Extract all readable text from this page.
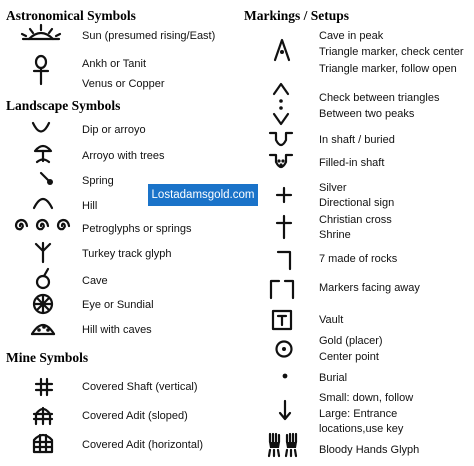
Astronomical Symbols
Landscape Symbols
Mine Symbols
Markings / Setups
Sun (presumed rising/East)
Ankh or Tanit
Venus or Copper
Dip or arroyo
Arroyo with trees
Spring
Hill
Petroglyphs or springs
Turkey track glyph
Cave
Eye or Sundial
Hill with caves
Covered Shaft (vertical)
Covered Adit (sloped)
Covered Adit (horizontal)
Cave in peak
Triangle marker, check center
Triangle marker, follow open
Check between triangles
Between two peaks
In shaft / buried
Filled-in shaft
Silver
Directional sign
Christian cross
Shrine
7 made of rocks
Markers facing away
Vault
Gold (placer)
Center point
Burial
Small: down, follow
Large: Entrance
locations,use key
Bloody Hands Glyph
Lostadamsgold.com
